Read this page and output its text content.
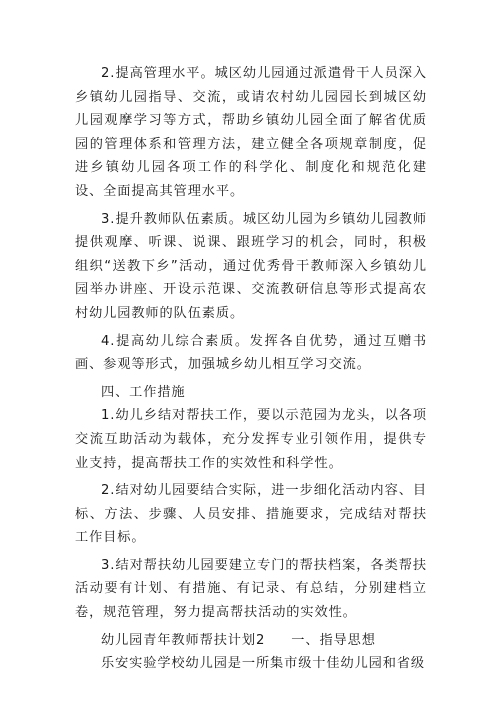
2.提高管理水平。城区幼儿园通过派遣骨干人员深入乡镇幼儿园指导、交流，或请农村幼儿园园长到城区幼儿园观摩学习等方式，帮助乡镇幼儿园全面了解省优质园的管理体系和管理方法，建立健全各项规章制度，促进乡镇幼儿园各项工作的科学化、制度化和规范化建设、全面提高其管理水平。

3.提升教师队伍素质。城区幼儿园为乡镇幼儿园教师提供观摩、听课、说课、跟班学习的机会，同时，积极组织“送教下乡”活动，通过优秀骨干教师深入乡镇幼儿园举办讲座、开设示范课、交流教研信息等形式提高农村幼儿园教师的队伍素质。

4.提高幼儿综合素质。发挥各自优势，通过互赠书画、参观等形式，加强城乡幼儿相互学习交流。

四、工作措施

1.幼儿乡结对帮扶工作，要以示范园为龙头，以各项交流互助活动为载体，充分发挥专业引领作用，提供专业支持，提高帮扶工作的实效性和科学性。

2.结对幼儿园要结合实际，进一步细化活动内容、目标、方法、步骤、人员安排、措施要求，完成结对帮扶工作目标。

3.结对帮扶幼儿园要建立专门的帮扶档案，各类帮扶活动要有计划、有措施、有记录、有总结，分别建档立卷，规范管理，努力提高帮扶活动的实效性。

幼儿园青年教师帮扶计划2 一、指导思想

乐安实验学校幼儿园是一所集市级十佳幼儿园和省级
